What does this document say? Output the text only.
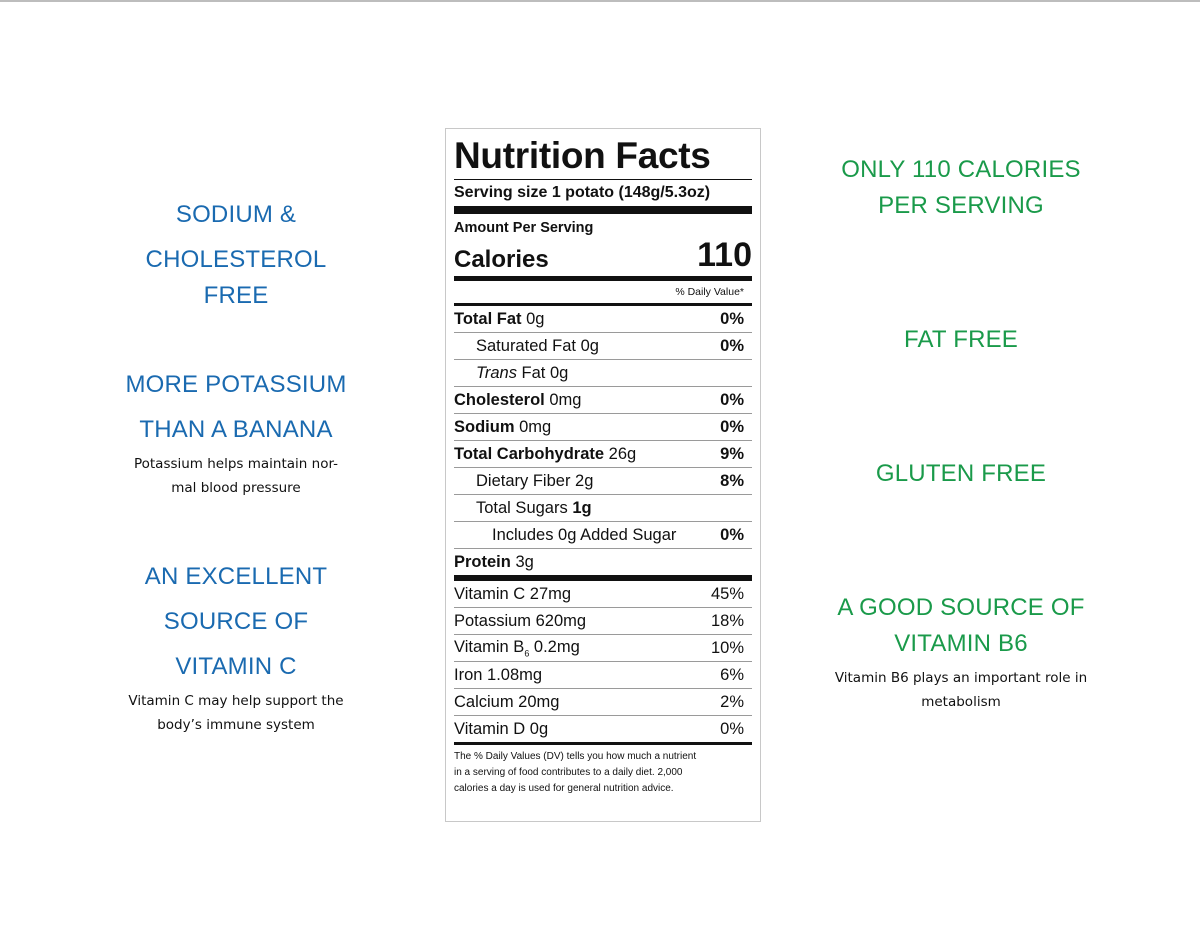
SODIUM &
CHOLESTEROL
FREE
MORE POTASSIUM
THAN A BANANA
Potassium helps maintain nor-
mal blood pressure
AN EXCELLENT
SOURCE OF
VITAMIN C
Vitamin C may help support the
body’s immune system
ONLY 110 CALORIES
PER SERVING
FAT FREE
GLUTEN FREE
A GOOD SOURCE OF
VITAMIN B6
Vitamin B6 plays an important role in
metabolism
Nutrition Facts
Serving size 1 potato (148g/5.3oz)
Amount Per Serving
Calories	110
% Daily Value*
Total Fat 0g	0%
Saturated Fat 0g	0%
Trans Fat 0g
Cholesterol 0mg	0%
Sodium 0mg	0%
Total Carbohydrate 26g	9%
Dietary Fiber 2g	8%
Total Sugars 1g
Includes 0g Added Sugar	0%
Protein 3g
Vitamin C 27mg	45%
Potassium 620mg	18%
Vitamin $B_6$ 0.2mg	10%
Iron 1.08mg	6%
Calcium 20mg	2%
Vitamin D 0g	0%
The % Daily Values (DV) tells you how much a nutrient
in a serving of food contributes to a daily diet. 2,000
calories a day is used for general nutrition advice.
